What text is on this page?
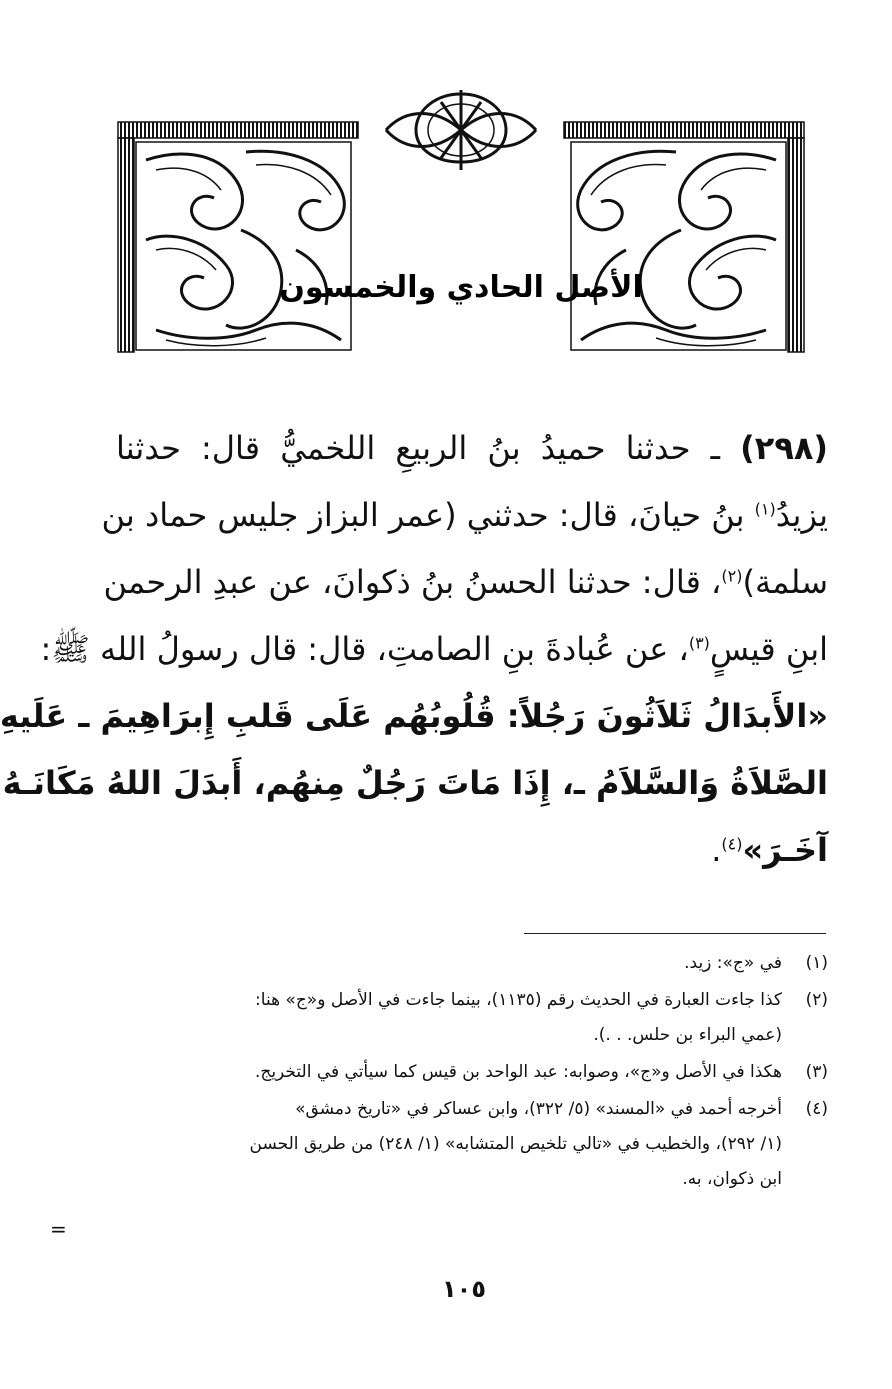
الأصل الحادي والخمسون
(٢٩٨) ـ حدثنا حميدُ بنُ الربيعِ اللخميُّ قال: حدثنا
يزيدُ$^{(١)}$ بنُ حيانَ، قال: حدثني (عمر البزاز جليس حماد بن
سلمة)$^{(٢)}$، قال: حدثنا الحسنُ بنُ ذكوانَ، عن عبدِ الرحمن
ابنِ قيسٍ$^{(٣)}$، عن عُبادةَ بنِ الصامتِ، قال: قال رسولُ الله ﷺ:
«الأَبدَالُ ثَلاَثُونَ رَجُلاً: قُلُوبُهُم عَلَى قَلبِ إِبرَاهِيمَ ـ عَلَيهِ
الصَّلاَةُ وَالسَّلاَمُ ـ، إِذَا مَاتَ رَجُلٌ مِنهُم، أَبدَلَ اللهُ مَكَانَـهُ
آخَـرَ»$^{(٤)}$.
(١)
في «ج»: زيد.
(٢)
كذا جاءت العبارة في الحديث رقم (١١٣٥)، بينما جاءت في الأصل و«ج» هنا:
(عمي البراء بن حلس. . .).
(٣)
هكذا في الأصل و«ج»، وصوابه: عبد الواحد بن قيس كما سيأتي في التخريج.
(٤)
أخرجه أحمد في «المسند» (٥/ ٣٢٢)، وابن عساكر في «تاريخ دمشق»
(١/ ٢٩٢)، والخطيب في «تالي تلخيص المتشابه» (١/ ٢٤٨) من طريق الحسن
ابن ذكوان، به.
=
١٠٥
